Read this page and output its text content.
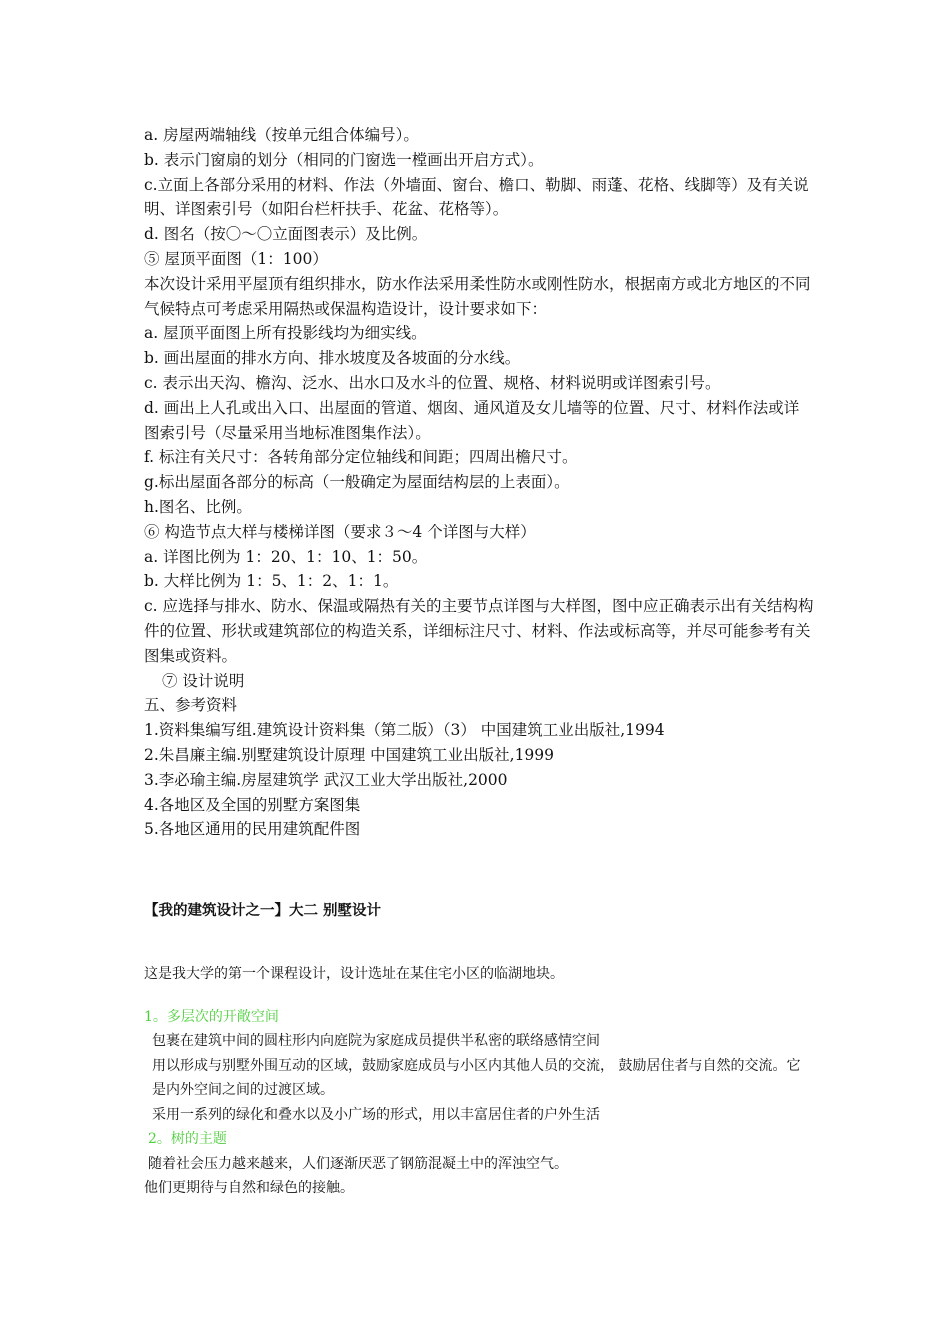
a. 房屋两端轴线（按单元组合体编号）。
b. 表示门窗扇的划分（相同的门窗选一樘画出开启方式）。
c.立面上各部分采用的材料、作法（外墙面、窗台、檐口、勒脚、雨蓬、花格、线脚等）及有关说明、详图索引号（如阳台栏杆扶手、花盆、花格等）。
d. 图名（按〇～〇立面图表示）及比例。
⑤ 屋顶平面图（1：100）
本次设计采用平屋顶有组织排水，防水作法采用柔性防水或刚性防水，根据南方或北方地区的不同气候特点可考虑采用隔热或保温构造设计，设计要求如下：
a. 屋顶平面图上所有投影线均为细实线。
b. 画出屋面的排水方向、排水坡度及各坡面的分水线。
c. 表示出天沟、檐沟、泛水、出水口及水斗的位置、规格、材料说明或详图索引号。
d. 画出上人孔或出入口、出屋面的管道、烟囱、通风道及女儿墙等的位置、尺寸、材料作法或详图索引号（尽量采用当地标准图集作法）。
f. 标注有关尺寸：各转角部分定位轴线和间距；四周出檐尺寸。
g.标出屋面各部分的标高（一般确定为屋面结构层的上表面）。
h.图名、比例。
⑥ 构造节点大样与楼梯详图（要求３～4 个详图与大样）
a. 详图比例为 1：20、1：10、1：50。
b. 大样比例为 1：5、1：2、1：1。
c. 应选择与排水、防水、保温或隔热有关的主要节点详图与大样图，图中应正确表示出有关结构构件的位置、形状或建筑部位的构造关系，详细标注尺寸、材料、作法或标高等，并尽可能参考有关图集或资料。
⑦ 设计说明
五、参考资料
1.资料集编写组.建筑设计资料集（第二版）（3） 中国建筑工业出版社,1994
2.朱昌廉主编.别墅建筑设计原理 中国建筑工业出版社,1999
3.李必瑜主编.房屋建筑学 武汉工业大学出版社,2000
4.各地区及全国的别墅方案图集
5.各地区通用的民用建筑配件图
【我的建筑设计之一】大二 别墅设计
这是我大学的第一个课程设计，设计选址在某住宅小区的临湖地块。
1。多层次的开敞空间
包裹在建筑中间的圆柱形内向庭院为家庭成员提供半私密的联络感情空间
用以形成与别墅外围互动的区域，鼓励家庭成员与小区内其他人员的交流， 鼓励居住者与自然的交流。它是内外空间之间的过渡区域。
采用一系列的绿化和叠水以及小广场的形式，用以丰富居住者的户外生活
2。树的主题
随着社会压力越来越来，人们逐渐厌恶了钢筋混凝土中的浑浊空气。
他们更期待与自然和绿色的接触。
